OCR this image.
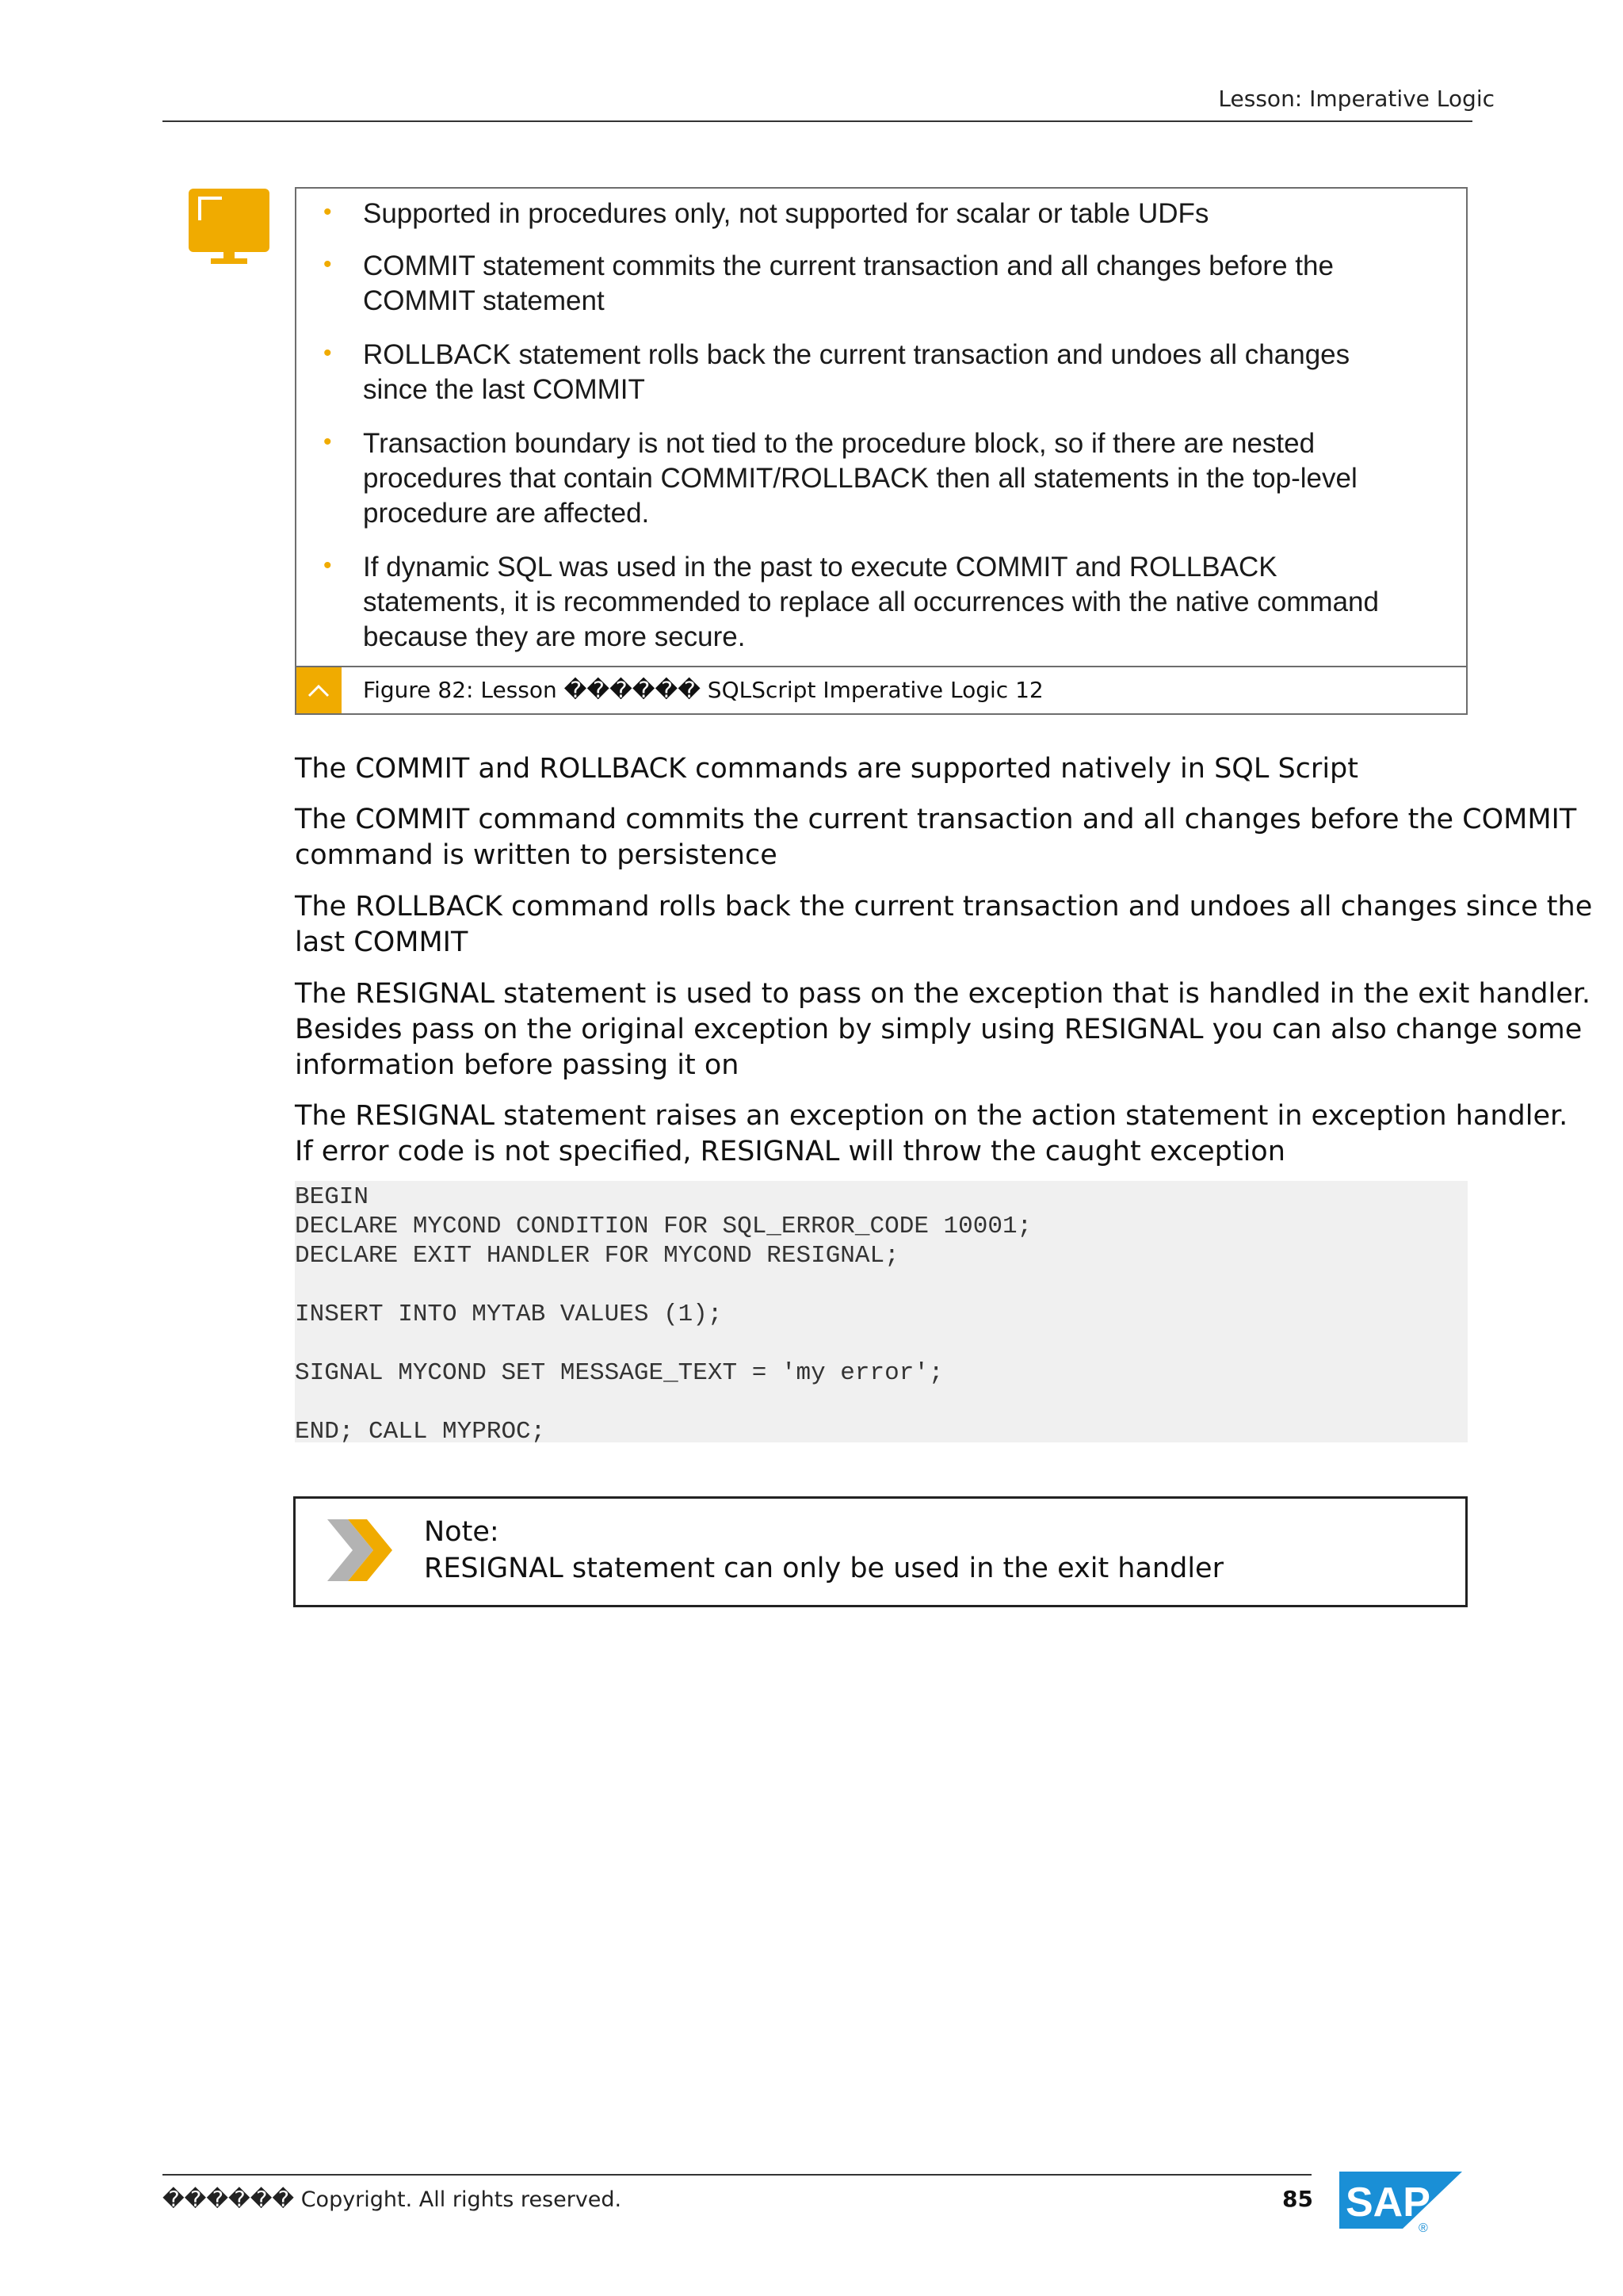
Lesson: Imperative Logic
• Supported in procedures only, not supported for scalar or table UDFs
• COMMIT statement commits the current transaction and all changes before the COMMIT statement
• ROLLBACK statement rolls back the current transaction and undoes all changes since the last COMMIT
• Transaction boundary is not tied to the procedure block, so if there are nested procedures that contain COMMIT/ROLLBACK then all statements in the top-level procedure are affected.
• If dynamic SQL was used in the past to execute COMMIT and ROLLBACK statements, it is recommended to replace all occurrences with the native command because they are more secure.
Figure 82: Lesson ������ SQLScript Imperative Logic 12

The COMMIT and ROLLBACK commands are supported natively in SQL Script

The COMMIT command commits the current transaction and all changes before the COMMIT command is written to persistence

The ROLLBACK command rolls back the current transaction and undoes all changes since the last COMMIT

The RESIGNAL statement is used to pass on the exception that is handled in the exit handler. Besides pass on the original exception by simply using RESIGNAL you can also change some information before passing it on

The RESIGNAL statement raises an exception on the action statement in exception handler. If error code is not specified, RESIGNAL will throw the caught exception

BEGIN
DECLARE MYCOND CONDITION FOR SQL_ERROR_CODE 10001;
DECLARE EXIT HANDLER FOR MYCOND RESIGNAL;
INSERT INTO MYTAB VALUES (1);
SIGNAL MYCOND SET MESSAGE_TEXT = 'my error';
END; CALL MYPROC;
Note:
RESIGNAL statement can only be used in the exit handler
������ Copyright. All rights reserved.	85 SAP
®
